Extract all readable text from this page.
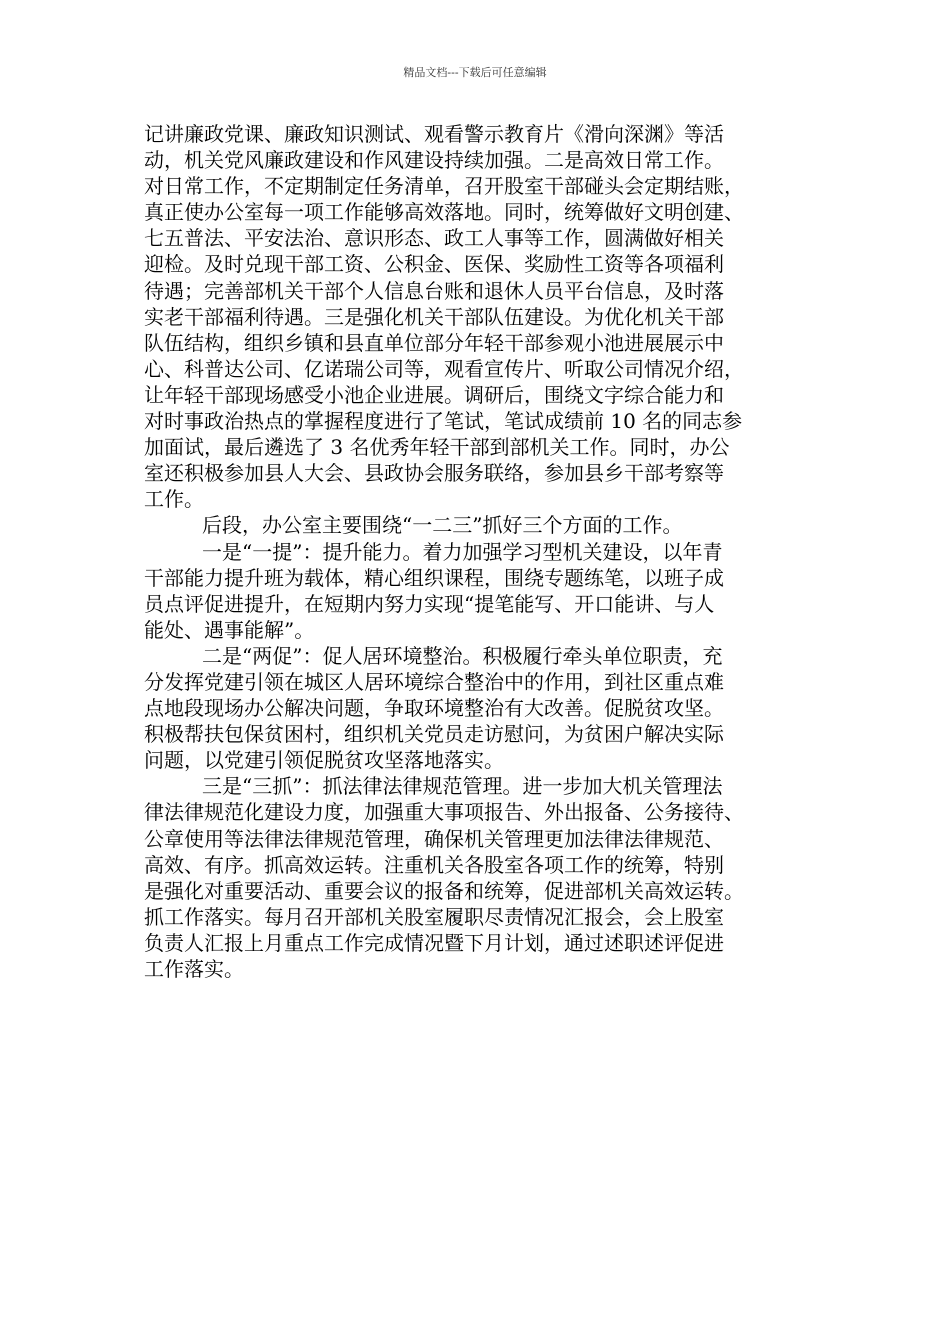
精品文档---下载后可任意编辑
记讲廉政党课、廉政知识测试、观看警示教育片《滑向深渊》等活
动，机关党风廉政建设和作风建设持续加强。二是高效日常工作。
对日常工作，不定期制定任务清单，召开股室干部碰头会定期结账，
真正使办公室每一项工作能够高效落地。同时，统筹做好文明创建、
七五普法、平安法治、意识形态、政工人事等工作，圆满做好相关
迎检。及时兑现干部工资、公积金、医保、奖励性工资等各项福利
待遇；完善部机关干部个人信息台账和退休人员平台信息，及时落
实老干部福利待遇。三是强化机关干部队伍建设。为优化机关干部
队伍结构，组织乡镇和县直单位部分年轻干部参观小池进展展示中
心、科普达公司、亿诺瑞公司等，观看宣传片、听取公司情况介绍，
让年轻干部现场感受小池企业进展。调研后，围绕文字综合能力和
对时事政治热点的掌握程度进行了笔试，笔试成绩前 10 名的同志参
加面试，最后遴选了 3 名优秀年轻干部到部机关工作。同时，办公
室还积极参加县人大会、县政协会服务联络，参加县乡干部考察等
工作。
后段，办公室主要围绕“一二三”抓好三个方面的工作。
一是“一提”：提升能力。着力加强学习型机关建设，以年青
干部能力提升班为载体，精心组织课程，围绕专题练笔，以班子成
员点评促进提升，在短期内努力实现“提笔能写、开口能讲、与人
能处、遇事能解”。
二是“两促”：促人居环境整治。积极履行牵头单位职责，充
分发挥党建引领在城区人居环境综合整治中的作用，到社区重点难
点地段现场办公解决问题，争取环境整治有大改善。促脱贫攻坚。
积极帮扶包保贫困村，组织机关党员走访慰问，为贫困户解决实际
问题，以党建引领促脱贫攻坚落地落实。
三是“三抓”：抓法律法律规范管理。进一步加大机关管理法
律法律规范化建设力度，加强重大事项报告、外出报备、公务接待、
公章使用等法律法律规范管理，确保机关管理更加法律法律规范、
高效、有序。抓高效运转。注重机关各股室各项工作的统筹，特别
是强化对重要活动、重要会议的报备和统筹，促进部机关高效运转。
抓工作落实。每月召开部机关股室履职尽责情况汇报会，会上股室
负责人汇报上月重点工作完成情况暨下月计划，通过述职述评促进
工作落实。
